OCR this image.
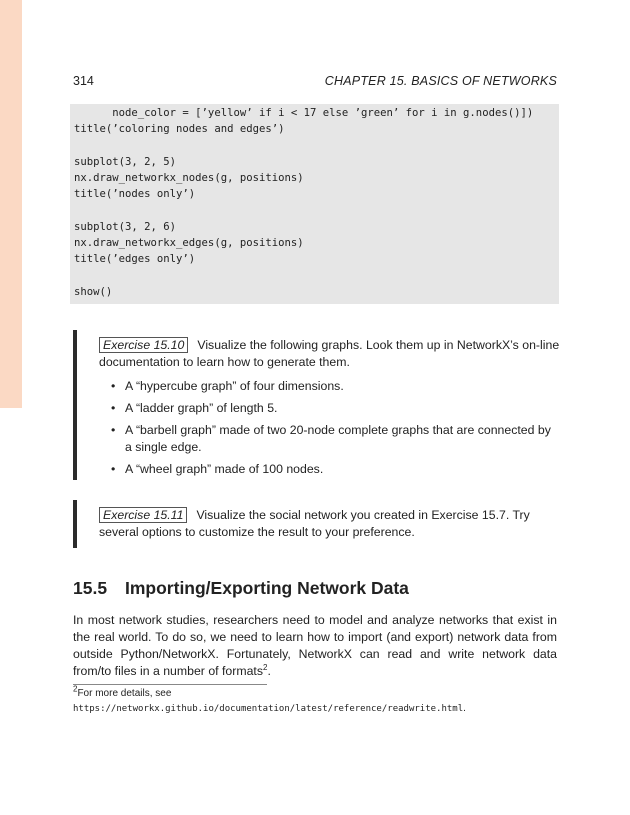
314	CHAPTER 15. BASICS OF NETWORKS
node_color = [’yellow’ if i < 17 else ’green’ for i in g.nodes()])
title(’coloring nodes and edges’)
subplot(3, 2, 5)
nx.draw_networkx_nodes(g, positions)
title(’nodes only’)
subplot(3, 2, 6)
nx.draw_networkx_edges(g, positions)
title(’edges only’)
show()
Exercise 15.10 Visualize the following graphs. Look them up in NetworkX’s on-line documentation to learn how to generate them.
• A “hypercube graph” of four dimensions.
• A “ladder graph” of length 5.
• A “barbell graph” made of two 20-node complete graphs that are connected by a single edge.
• A “wheel graph” made of 100 nodes.
Exercise 15.11 Visualize the social network you created in Exercise 15.7. Try several options to customize the result to your preference.
15.5 Importing/Exporting Network Data
In most network studies, researchers need to model and analyze networks that exist in the real world. To do so, we need to learn how to import (and export) network data from outside Python/NetworkX. Fortunately, NetworkX can read and write network data from/to files in a number of formats$^2$.
$^2$For more details, see https://networkx.github.io/documentation/latest/reference/readwrite.html.
